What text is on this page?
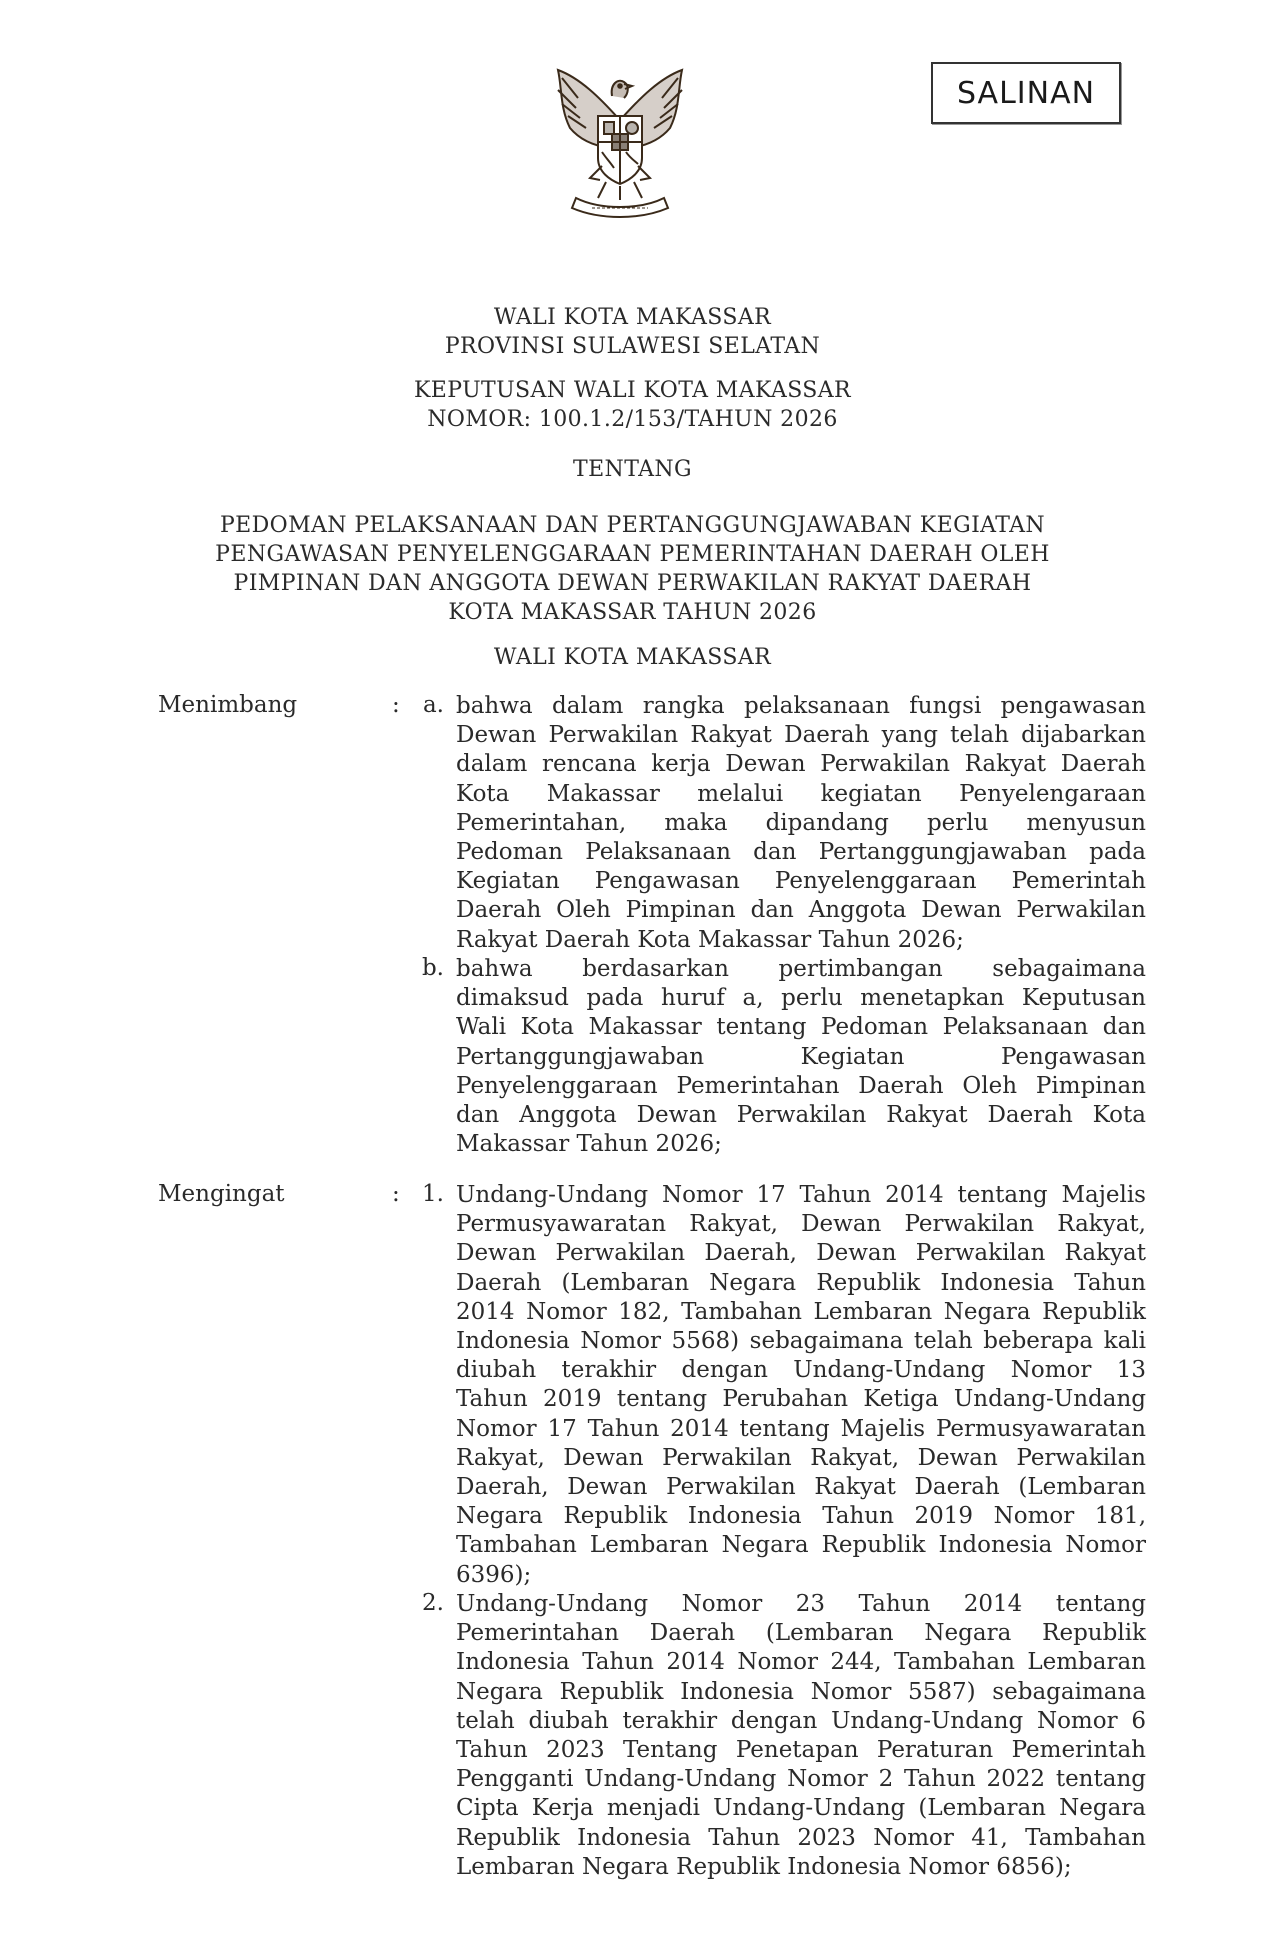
SALINAN
WALI KOTA MAKASSAR
PROVINSI SULAWESI SELATAN
KEPUTUSAN WALI KOTA MAKASSAR
NOMOR: 100.1.2/153/TAHUN 2026
TENTANG
PEDOMAN PELAKSANAAN DAN PERTANGGUNGJAWABAN KEGIATAN
PENGAWASAN PENYELENGGARAAN PEMERINTAHAN DAERAH OLEH
PIMPINAN DAN ANGGOTA DEWAN PERWAKILAN RAKYAT DAERAH
KOTA MAKASSAR TAHUN 2026
WALI KOTA MAKASSAR
Menimbang	: a. bahwa dalam rangka pelaksanaan fungsi pengawasan
Dewan Perwakilan Rakyat Daerah yang telah dijabarkan
dalam rencana kerja Dewan Perwakilan Rakyat Daerah
Kota Makassar melalui kegiatan Penyelengaraan
Pemerintahan, maka dipandang perlu menyusun
Pedoman Pelaksanaan dan Pertanggungjawaban pada
Kegiatan Pengawasan Penyelenggaraan Pemerintah
Daerah Oleh Pimpinan dan Anggota Dewan Perwakilan
Rakyat Daerah Kota Makassar Tahun 2026;
b. bahwa berdasarkan pertimbangan sebagaimana
dimaksud pada huruf a, perlu menetapkan Keputusan
Wali Kota Makassar tentang Pedoman Pelaksanaan dan
Pertanggungjawaban Kegiatan Pengawasan
Penyelenggaraan Pemerintahan Daerah Oleh Pimpinan
dan Anggota Dewan Perwakilan Rakyat Daerah Kota
Makassar Tahun 2026;
Mengingat	: 1. Undang-Undang Nomor 17 Tahun 2014 tentang Majelis
Permusyawaratan Rakyat, Dewan Perwakilan Rakyat,
Dewan Perwakilan Daerah, Dewan Perwakilan Rakyat
Daerah (Lembaran Negara Republik Indonesia Tahun
2014 Nomor 182, Tambahan Lembaran Negara Republik
Indonesia Nomor 5568) sebagaimana telah beberapa kali
diubah terakhir dengan Undang-Undang Nomor 13
Tahun 2019 tentang Perubahan Ketiga Undang-Undang
Nomor 17 Tahun 2014 tentang Majelis Permusyawaratan
Rakyat, Dewan Perwakilan Rakyat, Dewan Perwakilan
Daerah, Dewan Perwakilan Rakyat Daerah (Lembaran
Negara Republik Indonesia Tahun 2019 Nomor 181,
Tambahan Lembaran Negara Republik Indonesia Nomor
6396);
2. Undang-Undang Nomor 23 Tahun 2014 tentang
Pemerintahan Daerah (Lembaran Negara Republik
Indonesia Tahun 2014 Nomor 244, Tambahan Lembaran
Negara Republik Indonesia Nomor 5587) sebagaimana
telah diubah terakhir dengan Undang-Undang Nomor 6
Tahun 2023 Tentang Penetapan Peraturan Pemerintah
Pengganti Undang-Undang Nomor 2 Tahun 2022 tentang
Cipta Kerja menjadi Undang-Undang (Lembaran Negara
Republik Indonesia Tahun 2023 Nomor 41, Tambahan
Lembaran Negara Republik Indonesia Nomor 6856);
